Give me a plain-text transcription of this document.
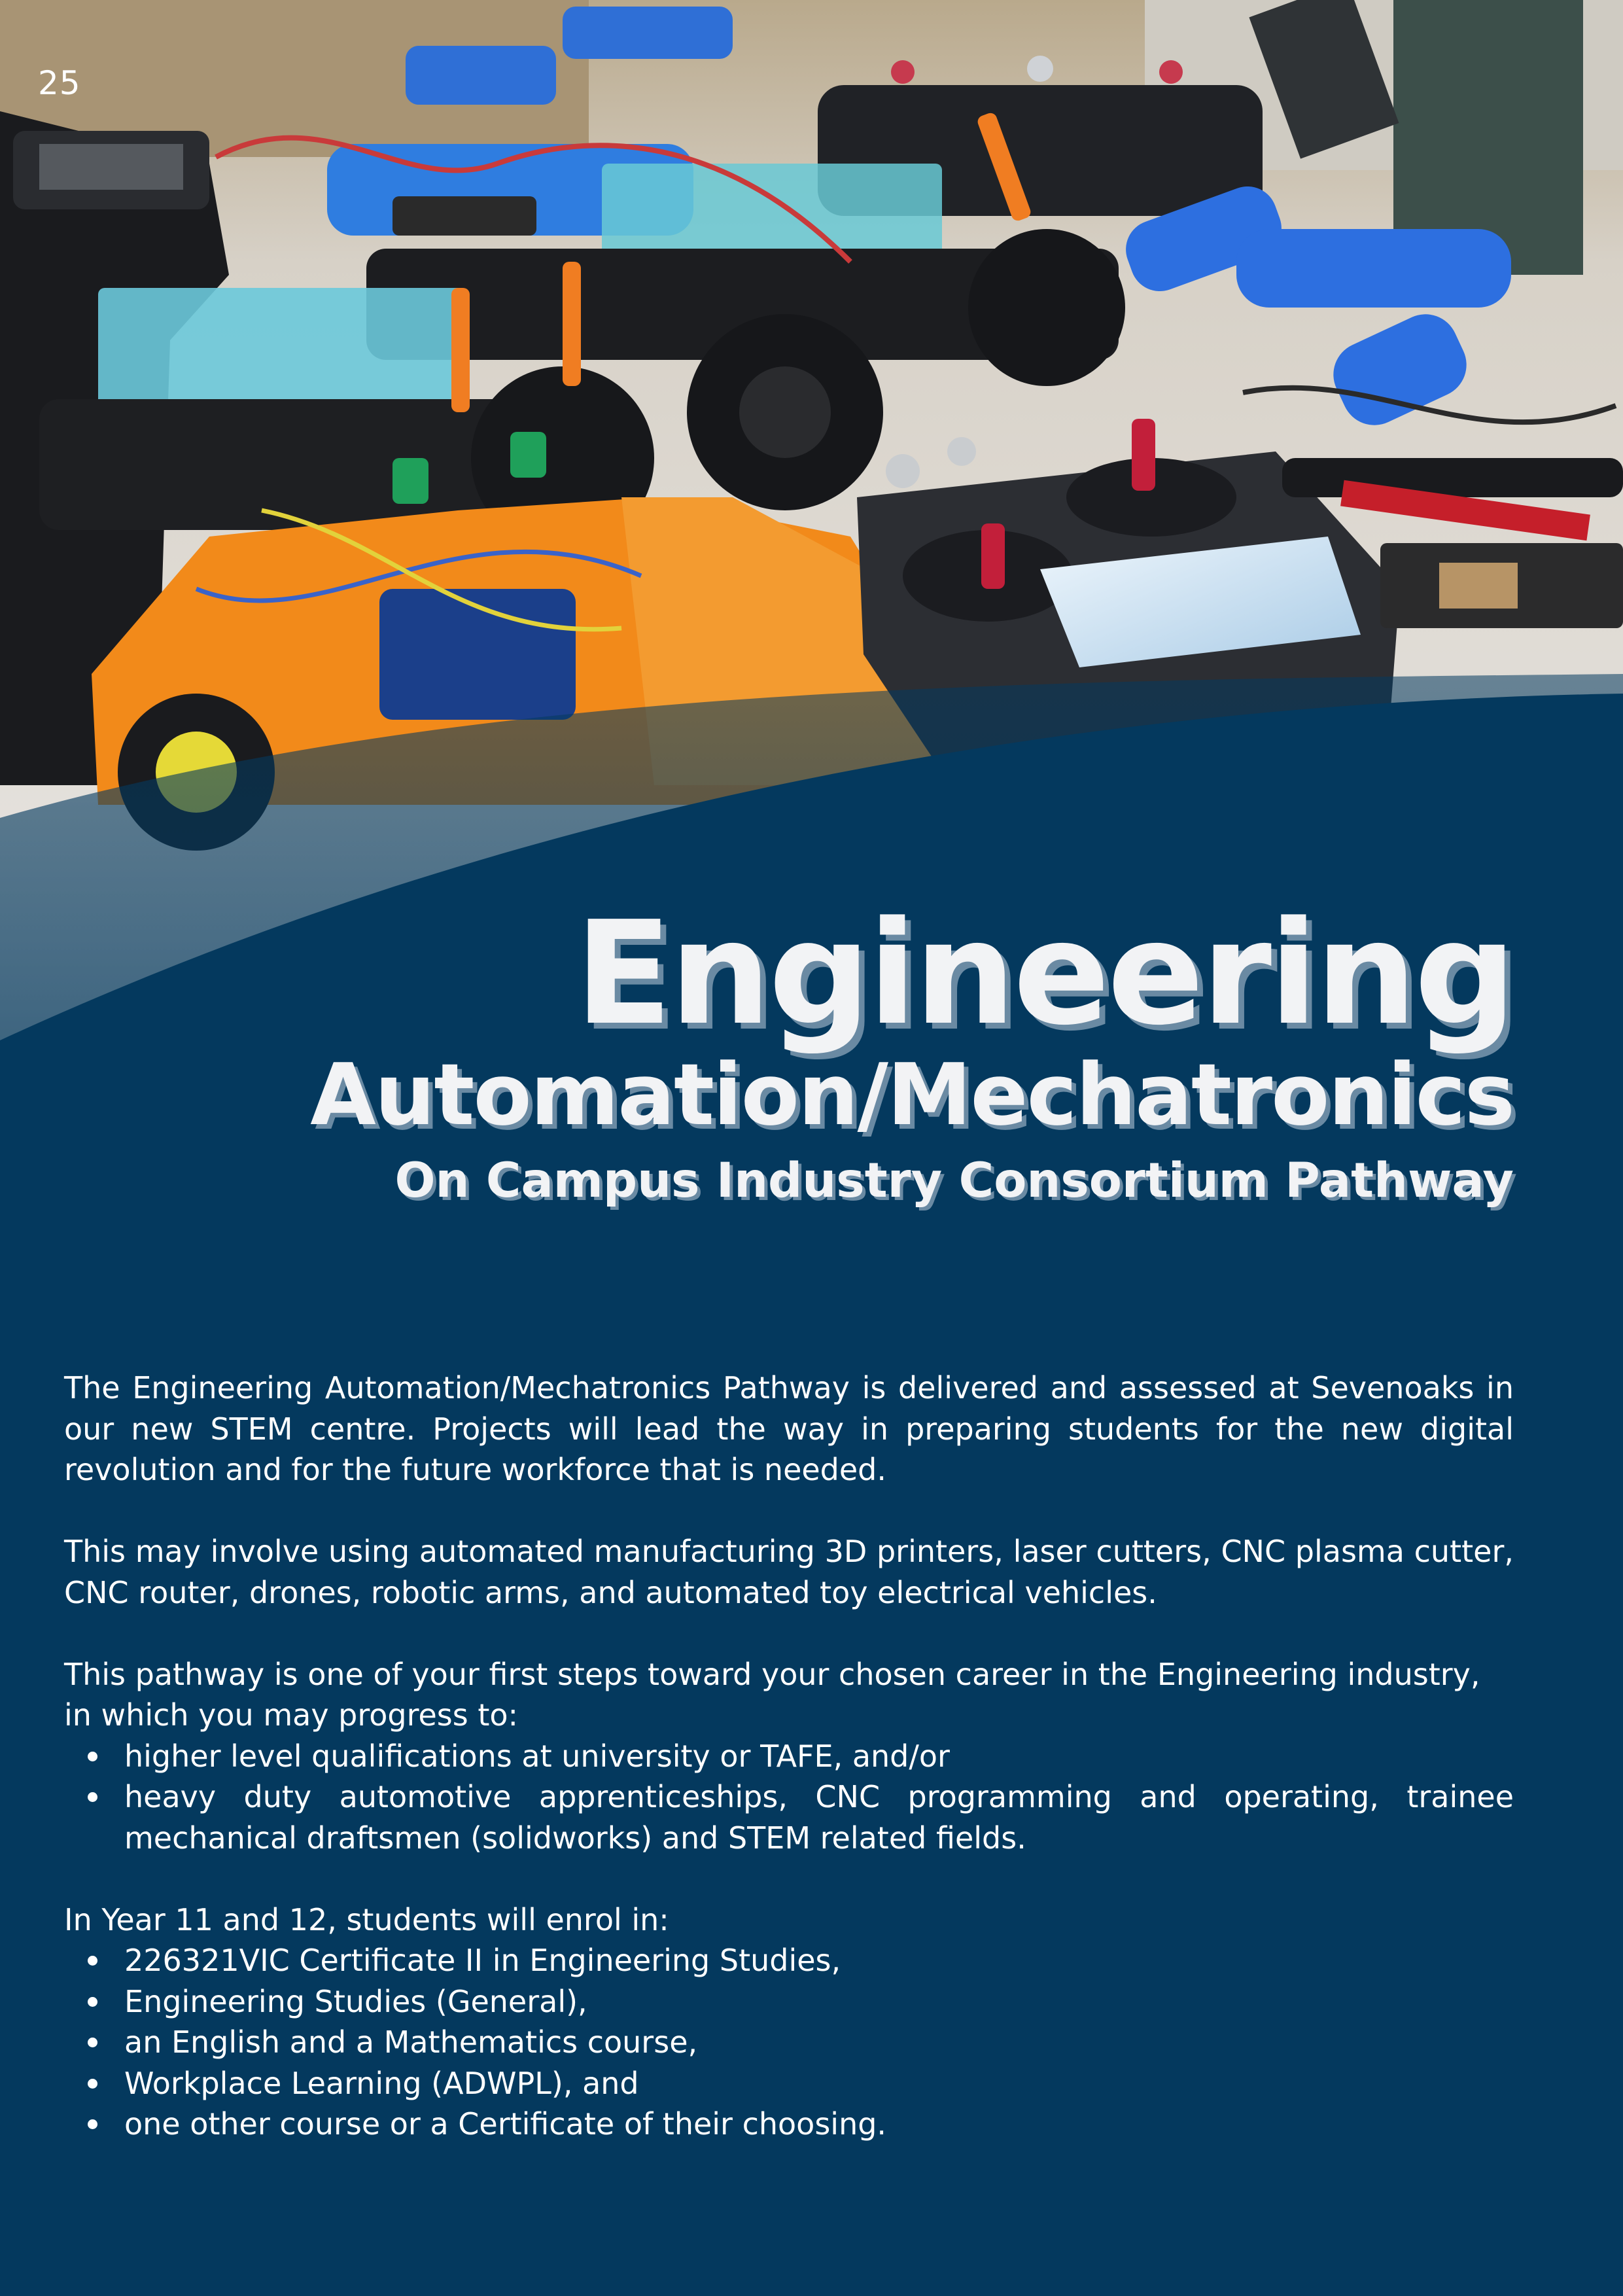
25
Engineering
Automation/Mechatronics
On Campus Industry Consortium Pathway

The Engineering Automation/Mechatronics Pathway is delivered and assessed at Sevenoaks in our new STEM centre. Projects will lead the way in preparing students for the new digital revolution and for the future workforce that is needed.

This may involve using automated manufacturing 3D printers, laser cutters, CNC plasma cutter, CNC router, drones, robotic arms, and automated toy electrical vehicles.

This pathway is one of your first steps toward your chosen career in the Engineering industry, in which you may progress to:

higher level qualifications at university or TAFE, and/or
heavy duty automotive apprenticeships, CNC programming and operating, trainee mechanical draftsmen (solidworks) and STEM related fields.

In Year 11 and 12, students will enrol in:

226321VIC Certificate II in Engineering Studies,
Engineering Studies (General),
an English and a Mathematics course,
Workplace Learning (ADWPL), and
one other course or a Certificate of their choosing.
